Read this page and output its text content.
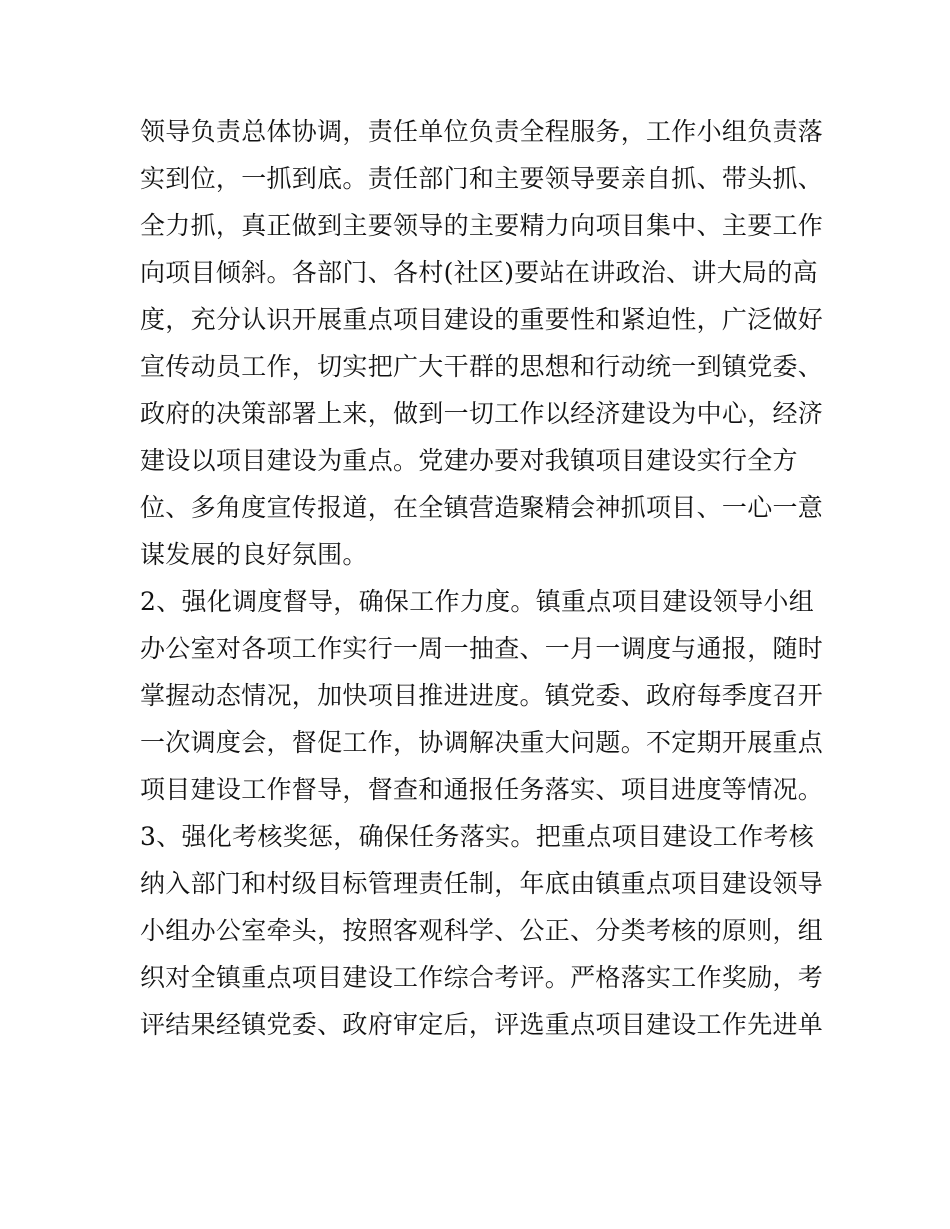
领导负责总体协调，责任单位负责全程服务，工作小组负责落
实到位，一抓到底。责任部门和主要领导要亲自抓、带头抓、
全力抓，真正做到主要领导的主要精力向项目集中、主要工作
向项目倾斜。各部门、各村(社区)要站在讲政治、讲大局的高
度，充分认识开展重点项目建设的重要性和紧迫性，广泛做好
宣传动员工作，切实把广大干群的思想和行动统一到镇党委、
政府的决策部署上来，做到一切工作以经济建设为中心，经济
建设以项目建设为重点。党建办要对我镇项目建设实行全方
位、多角度宣传报道，在全镇营造聚精会神抓项目、一心一意
谋发展的良好氛围。
2、强化调度督导，确保工作力度。镇重点项目建设领导小组
办公室对各项工作实行一周一抽查、一月一调度与通报，随时
掌握动态情况，加快项目推进进度。镇党委、政府每季度召开
一次调度会，督促工作，协调解决重大问题。不定期开展重点
项目建设工作督导，督查和通报任务落实、项目进度等情况。
3、强化考核奖惩，确保任务落实。把重点项目建设工作考核
纳入部门和村级目标管理责任制，年底由镇重点项目建设领导
小组办公室牵头，按照客观科学、公正、分类考核的原则，组
织对全镇重点项目建设工作综合考评。严格落实工作奖励，考
评结果经镇党委、政府审定后，评选重点项目建设工作先进单
